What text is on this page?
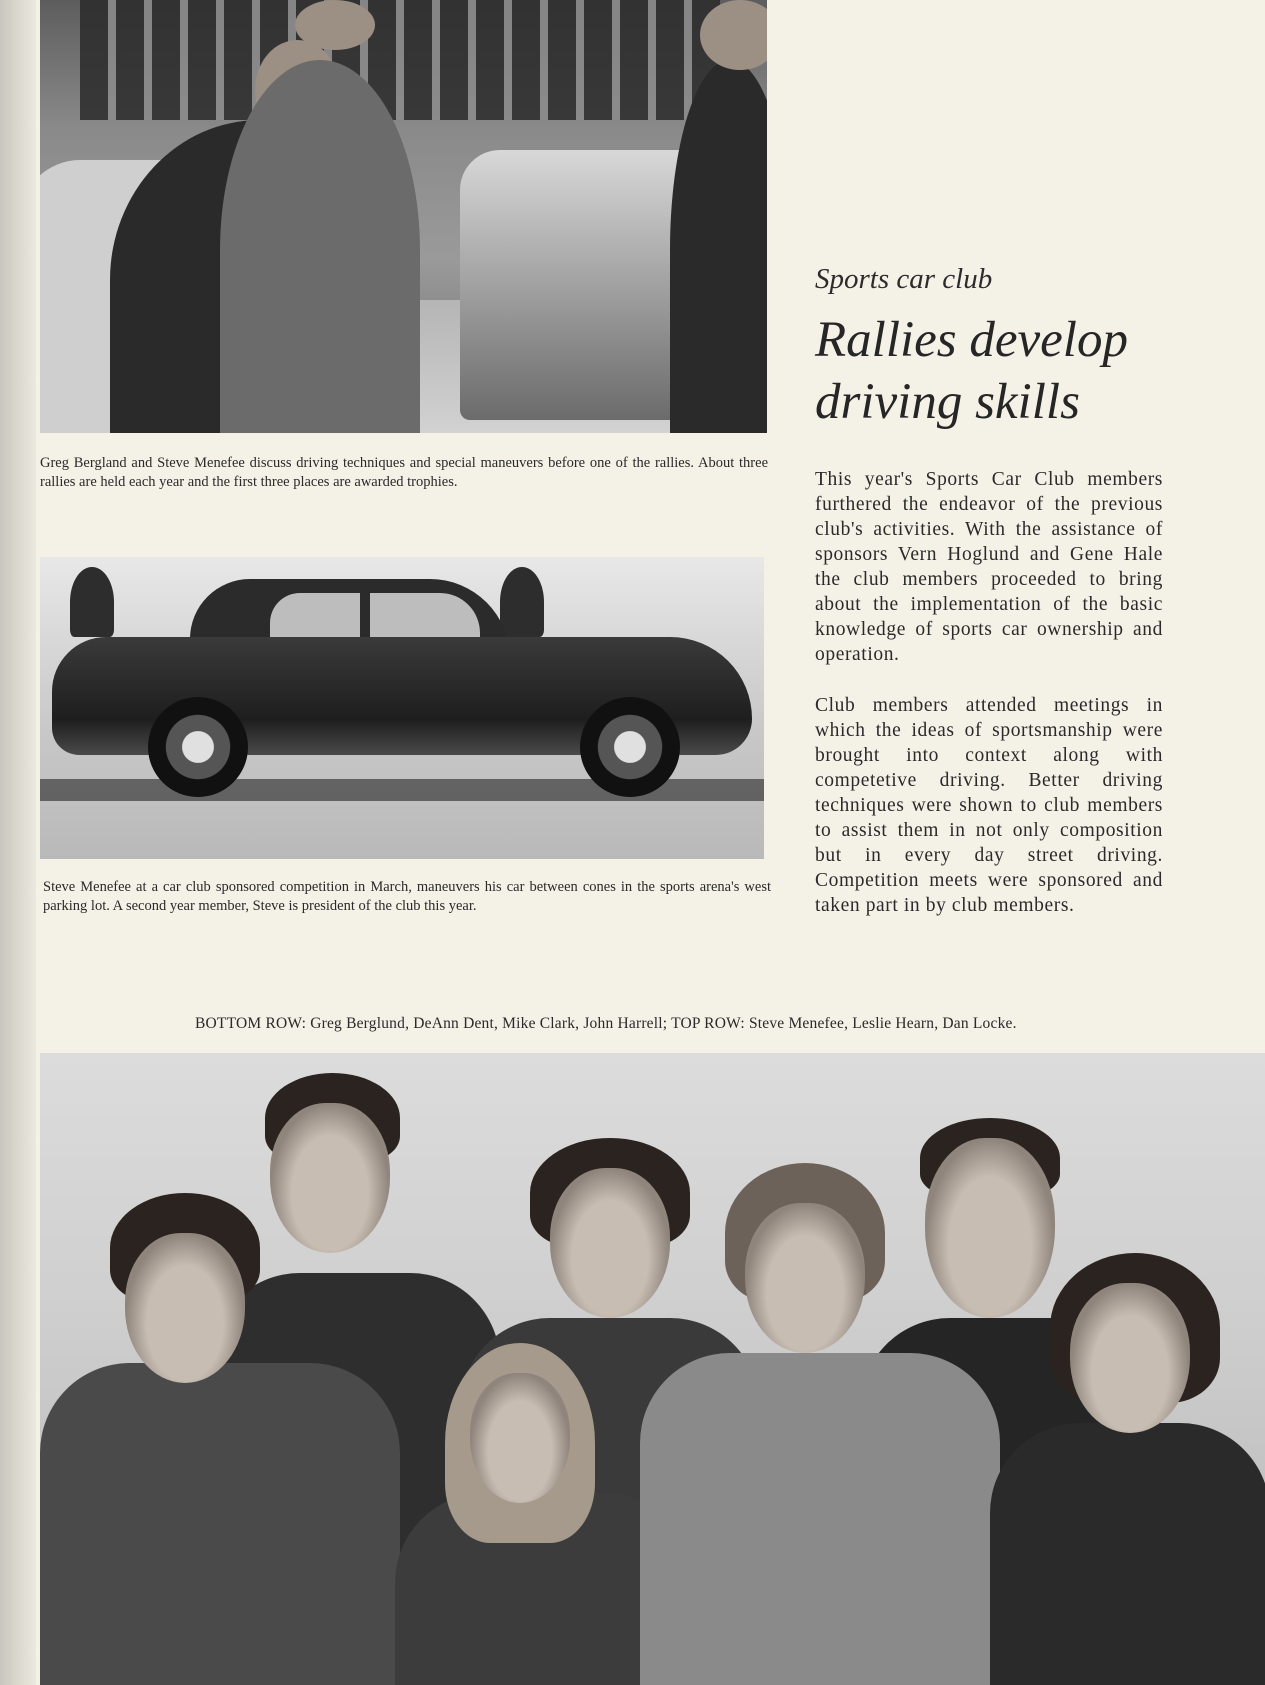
Greg Bergland and Steve Menefee discuss driving techniques and special maneuvers before one of the rallies. About three rallies are held each year and the first three places are awarded trophies.

Steve Menefee at a car club sponsored competition in March, maneuvers his car between cones in the sports arena's west parking lot. A second year member, Steve is president of the club this year.

Sports car club

Rallies develop driving skills

This year's Sports Car Club members furthered the endeavor of the previous club's activities. With the assistance of sponsors Vern Hoglund and Gene Hale the club members proceeded to bring about the implementation of the basic knowledge of sports car ownership and operation.

Club members attended meetings in which the ideas of sportsmanship were brought into context along with competetive driving. Better driving techniques were shown to club members to assist them in not only composition but in every day street driving. Competition meets were sponsored and taken part in by club members.

BOTTOM ROW: Greg Berglund, DeAnn Dent, Mike Clark, John Harrell; TOP ROW: Steve Menefee, Leslie Hearn, Dan Locke.
